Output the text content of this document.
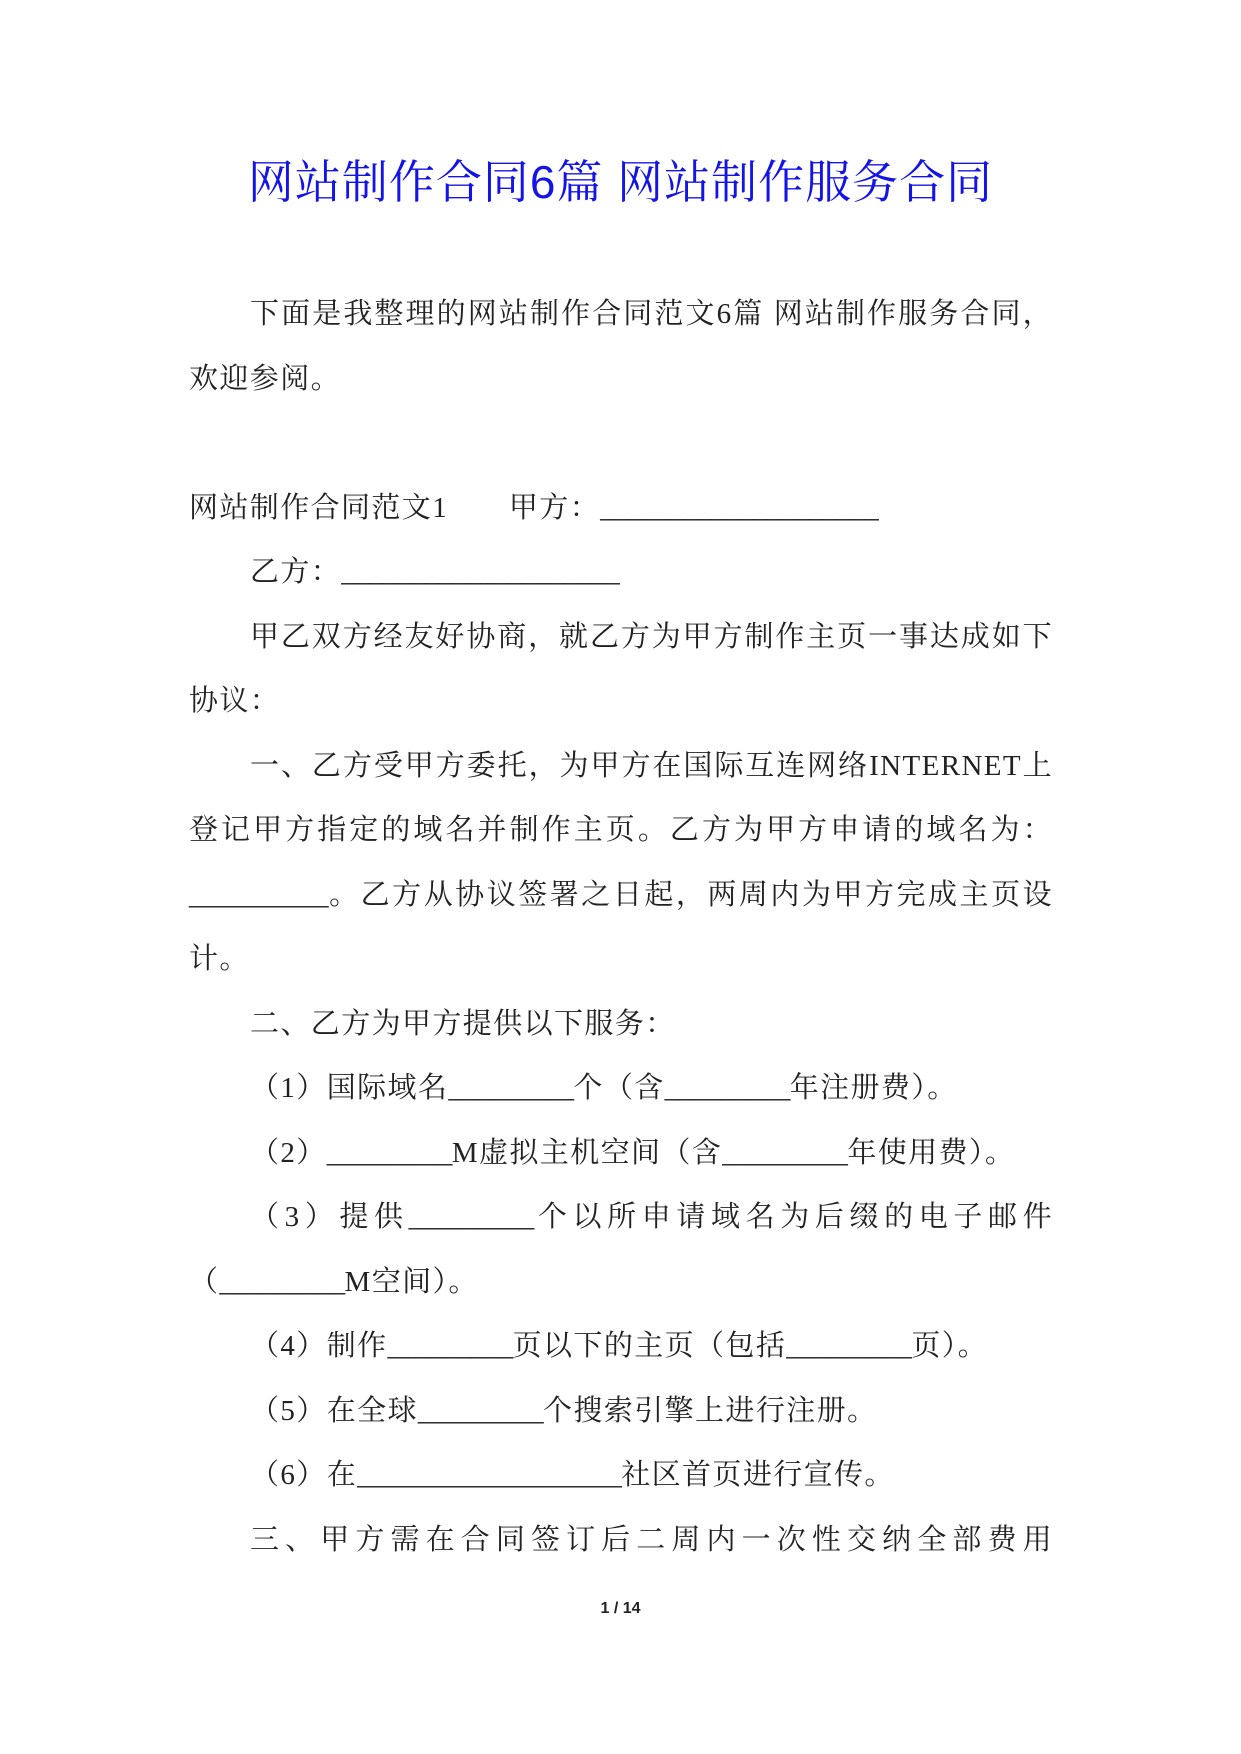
网站制作合同6篇 网站制作服务合同
下面是我整理的网站制作合同范文6篇 网站制作服务合同，
欢迎参阅。
网站制作合同范文1　　甲方：____________________
乙方：____________________
甲乙双方经友好协商，就乙方为甲方制作主页一事达成如下
协议：
一、乙方受甲方委托，为甲方在国际互连网络INTERNET上
登记甲方指定的域名并制作主页。乙方为甲方申请的域名为：
__________。乙方从协议签署之日起，两周内为甲方完成主页设
计。
二、乙方为甲方提供以下服务：
（1）国际域名_________个（含_________年注册费）。
（2）_________M虚拟主机空间（含_________年使用费）。
（3）提供_________个以所申请域名为后缀的电子邮件
（_________M空间）。
（4）制作_________页以下的主页（包括_________页）。
（5）在全球_________个搜索引擎上进行注册。
（6）在___________________社区首页进行宣传。
三、甲方需在合同签订后二周内一次性交纳全部费用
1 / 14
